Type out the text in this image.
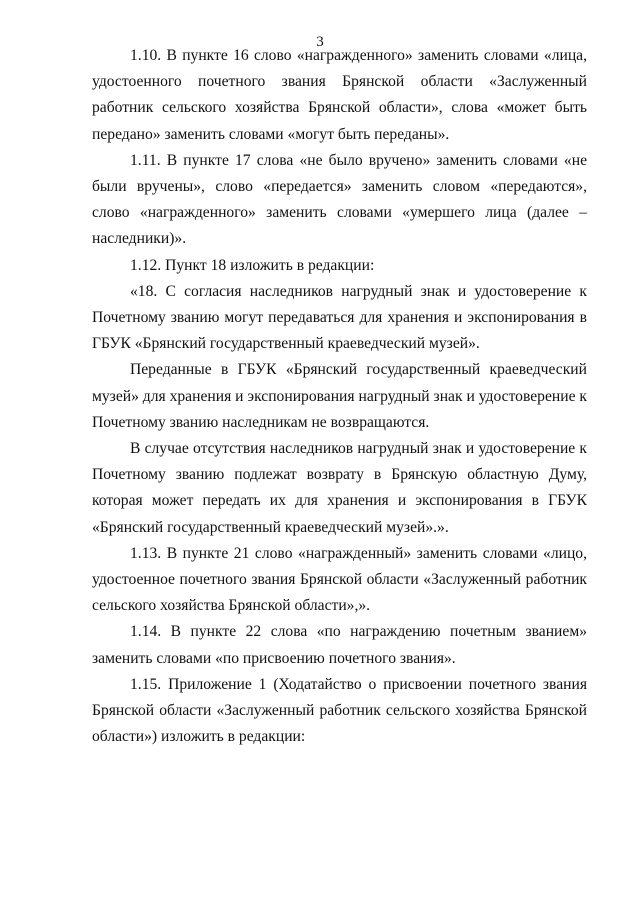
3

1.10. В пункте 16 слово «награжденного» заменить словами «лица, удостоенного почетного звания Брянской области «Заслуженный работник сельского хозяйства Брянской области», слова «может быть передано» заменить словами «могут быть переданы».

1.11. В пункте 17 слова «не было вручено» заменить словами «не были вручены», слово «передается» заменить словом «передаются», слово «награжденного» заменить словами «умершего лица (далее – наследники)».

1.12. Пункт 18 изложить в редакции:

«18. С согласия наследников нагрудный знак и удостоверение к Почетному званию могут передаваться для хранения и экспонирования в ГБУК «Брянский государственный краеведческий музей».

Переданные в ГБУК «Брянский государственный краеведческий музей» для хранения и экспонирования нагрудный знак и удостоверение к Почетному званию наследникам не возвращаются.

В случае отсутствия наследников нагрудный знак и удостоверение к Почетному званию подлежат возврату в Брянскую областную Думу, которая может передать их для хранения и экспонирования в ГБУК «Брянский государственный краеведческий музей».».

1.13. В пункте 21 слово «награжденный» заменить словами «лицо, удостоенное почетного звания Брянской области «Заслуженный работник сельского хозяйства Брянской области»,».

1.14. В пункте 22 слова «по награждению почетным званием» заменить словами «по присвоению почетного звания».

1.15. Приложение 1 (Ходатайство о присвоении почетного звания Брянской области «Заслуженный работник сельского хозяйства Брянской области») изложить в редакции:
